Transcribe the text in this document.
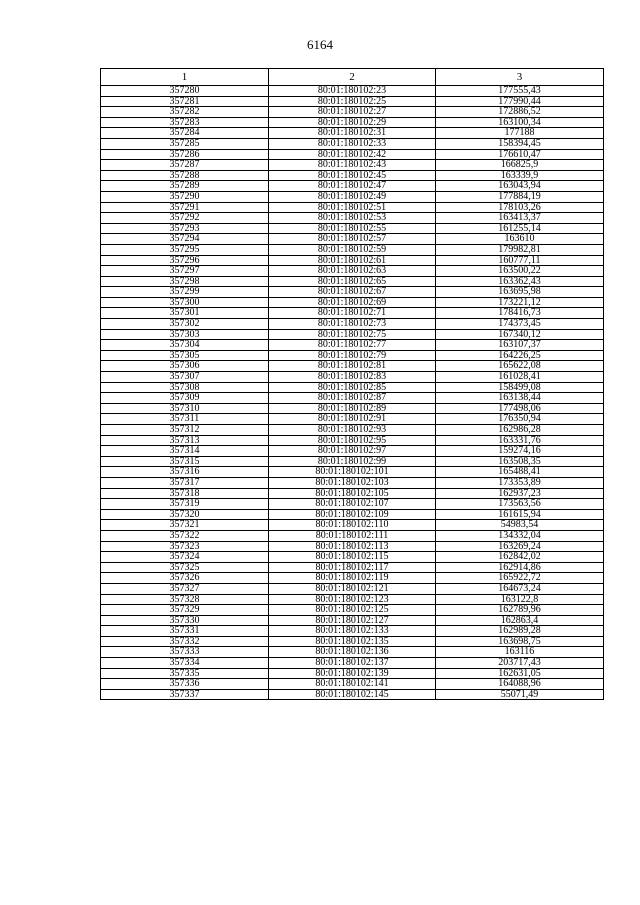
6164
1	2	3
357280	80:01:180102:23	177555,43
357281	80:01:180102:25	177990,44
357282	80:01:180102:27	172886,52
357283	80:01:180102:29	163100,34
357284	80:01:180102:31	177188
357285	80:01:180102:33	158394,45
357286	80:01:180102:42	176610,47
357287	80:01:180102:43	166825,9
357288	80:01:180102:45	163339,9
357289	80:01:180102:47	163043,94
357290	80:01:180102:49	177884,19
357291	80:01:180102:51	178103,26
357292	80:01:180102:53	163413,37
357293	80:01:180102:55	161255,14
357294	80:01:180102:57	163610
357295	80:01:180102:59	179982,81
357296	80:01:180102:61	160777,11
357297	80:01:180102:63	163500,22
357298	80:01:180102:65	163362,43
357299	80:01:180102:67	163695,98
357300	80:01:180102:69	173221,12
357301	80:01:180102:71	178416,73
357302	80:01:180102:73	174373,45
357303	80:01:180102:75	167340,12
357304	80:01:180102:77	163107,37
357305	80:01:180102:79	164226,25
357306	80:01:180102:81	165622,08
357307	80:01:180102:83	161028,41
357308	80:01:180102:85	158499,08
357309	80:01:180102:87	163138,44
357310	80:01:180102:89	177498,06
357311	80:01:180102:91	176350,94
357312	80:01:180102:93	162986,28
357313	80:01:180102:95	163331,76
357314	80:01:180102:97	159274,16
357315	80:01:180102:99	163508,35
357316	80:01:180102:101	165488,41
357317	80:01:180102:103	173353,89
357318	80:01:180102:105	162937,23
357319	80:01:180102:107	173563,56
357320	80:01:180102:109	161615,94
357321	80:01:180102:110	54983,54
357322	80:01:180102:111	134332,04
357323	80:01:180102:113	163269,24
357324	80:01:180102:115	162842,02
357325	80:01:180102:117	162914,86
357326	80:01:180102:119	165922,72
357327	80:01:180102:121	164673,24
357328	80:01:180102:123	163122,8
357329	80:01:180102:125	162789,96
357330	80:01:180102:127	162863,4
357331	80:01:180102:133	162989,28
357332	80:01:180102:135	163698,75
357333	80:01:180102:136	163116
357334	80:01:180102:137	203717,43
357335	80:01:180102:139	162631,05
357336	80:01:180102:141	164088,96
357337	80:01:180102:145	55071,49
